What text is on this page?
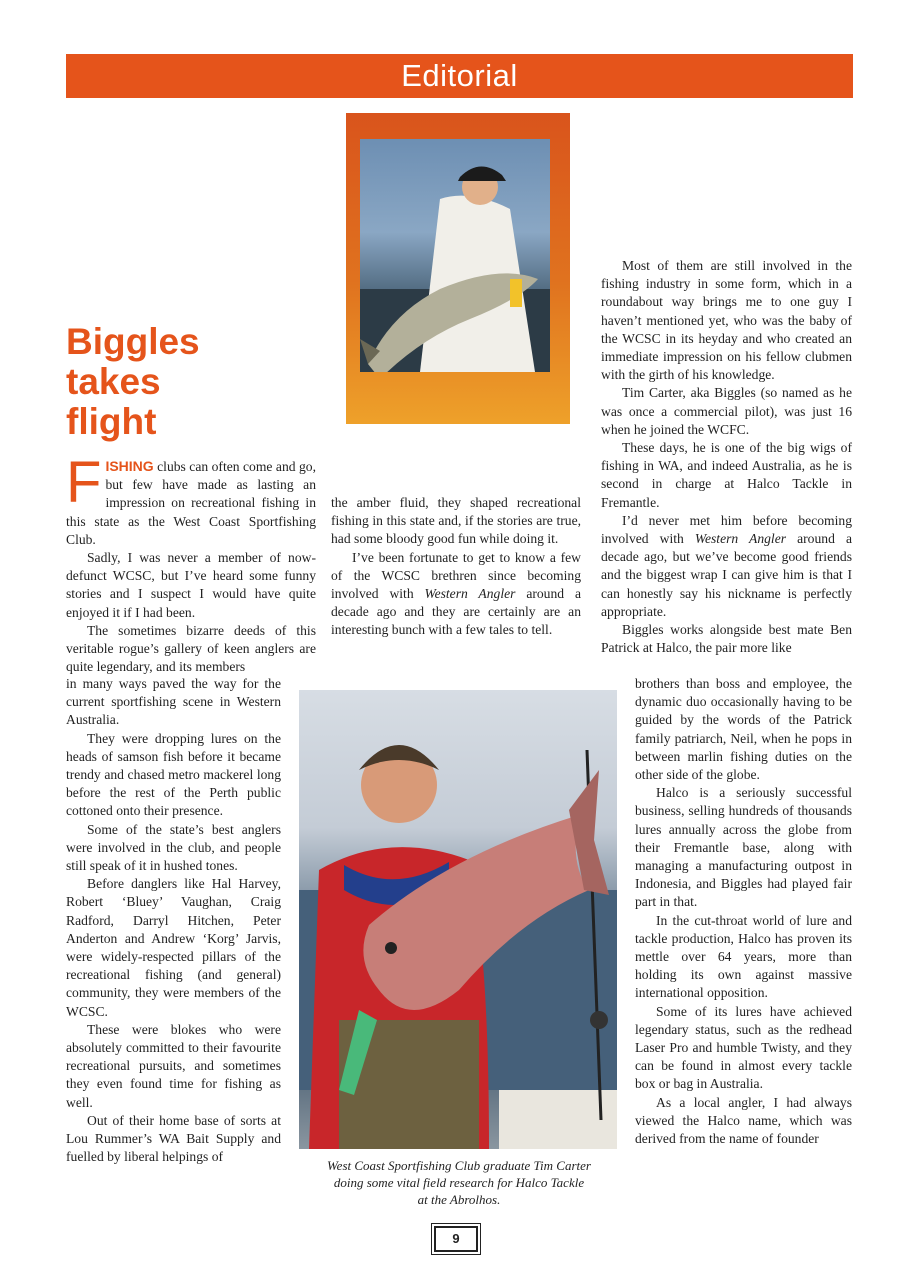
Editorial
Biggles
takes
flight

FISHING clubs can often come and go, but few have made as lasting an impression on recreational fishing in this state as the West Coast Sportfishing Club.

Sadly, I was never a member of now-defunct WCSC, but I’ve heard some funny stories and I suspect I would have quite enjoyed it if I had been.

The sometimes bizarre deeds of this veritable rogue’s gallery of keen anglers are quite legendary, and its members

in many ways paved the way for the current sportfishing scene in Western Australia.

They were dropping lures on the heads of samson fish before it became trendy and chased metro mackerel long before the rest of the Perth public cottoned onto their presence.

Some of the state’s best anglers were involved in the club, and people still speak of it in hushed tones.

Before danglers like Hal Harvey, Robert ‘Bluey’ Vaughan, Craig Radford, Darryl Hitchen, Peter Anderton and Andrew ‘Korg’ Jarvis, were widely-respected pillars of the recreational fishing (and general) community, they were members of the WCSC.

These were blokes who were absolutely committed to their favourite recreational pursuits, and sometimes they even found time for fishing as well.

Out of their home base of sorts at Lou Rummer’s WA Bait Supply and fuelled by liberal helpings of

the amber fluid, they shaped recreational fishing in this state and, if the stories are true, had some bloody good fun while doing it.

I’ve been fortunate to get to know a few of the WCSC brethren since becoming involved with Western Angler around a decade ago and they are certainly are an interesting bunch with a few tales to tell.

Most of them are still involved in the fishing industry in some form, which in a roundabout way brings me to one guy I haven’t mentioned yet, who was the baby of the WCSC in its heyday and who created an immediate impression on his fellow clubmen with the girth of his knowledge.

Tim Carter, aka Biggles (so named as he was once a commercial pilot), was just 16 when he joined the WCFC.

These days, he is one of the big wigs of fishing in WA, and indeed Australia, as he is second in charge at Halco Tackle in Fremantle.

I’d never met him before becoming involved with Western Angler around a decade ago, but we’ve become good friends and the biggest wrap I can give him is that I can honestly say his nickname is perfectly appropriate.

Biggles works alongside best mate Ben Patrick at Halco, the pair more like

brothers than boss and employee, the dynamic duo occasionally having to be guided by the words of the Patrick family patriarch, Neil, when he pops in between marlin fishing duties on the other side of the globe.

Halco is a seriously successful business, selling hundreds of thousands lures annually across the globe from their Fremantle base, along with managing a manufacturing outpost in Indonesia, and Biggles had played fair part in that.

In the cut-throat world of lure and tackle production, Halco has proven its mettle over 64 years, more than holding its own against massive international opposition.

Some of its lures have achieved legendary status, such as the redhead Laser Pro and humble Twisty, and they can be found in almost every tackle box or bag in Australia.

As a local angler, I had always viewed the Halco name, which was derived from the name of founder

West Coast Sportfishing Club graduate Tim Carter
doing some vital field research for Halco Tackle
at the Abrolhos.
9
